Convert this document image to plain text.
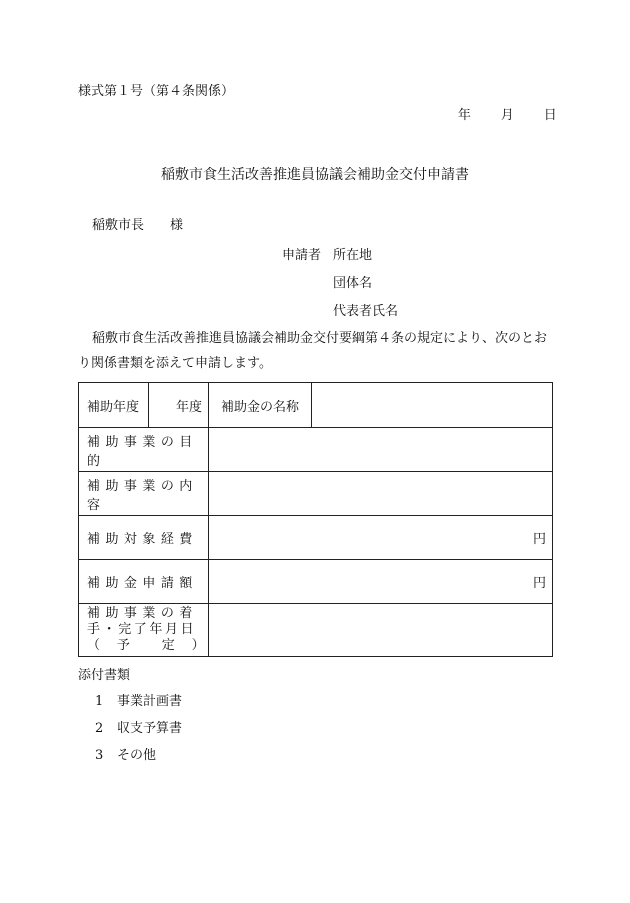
様式第１号（第４条関係）
年　　月　　日
稲敷市食生活改善推進員協議会補助金交付申請書
稲敷市長　　様
申請者 所在地
団体名
代表者氏名
稲敷市食生活改善推進員協議会補助金交付要綱第４条の規定により、次のとお
り関係書類を添えて申請します。
補助年度	年度	補助金の名称	
補助事業の目的			
補助事業の内容			
補助対象経費		円	
補助金申請額		円	

補助事業の着
手・完了年月日
（　予　　定　）			

添付書類
1 事業計画書
2 収支予算書
3 その他
